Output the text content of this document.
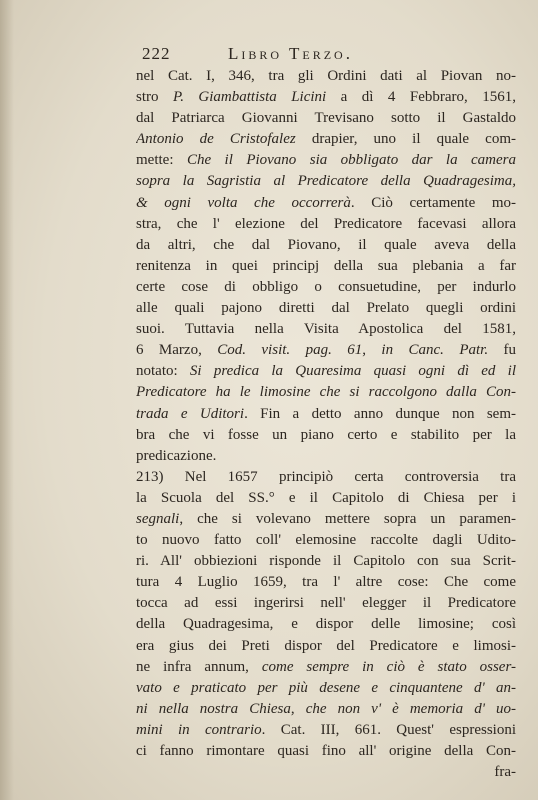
222	Libro Terzo.
nel Cat. I, 346, tra gli Ordini dati al Piovan no-
stro P. Giambattista Licini a dì 4 Febbraro, 1561,
dal Patriarca Giovanni Trevisano sotto il Gastaldo
Antonio de Cristofalez drapier, uno il quale com-
mette: Che il Piovano sia obbligato dar la camera
sopra la Sagristia al Predicatore della Quadragesima,
& ogni volta che occorrerà. Ciò certamente mo-
stra, che l' elezione del Predicatore facevasi allora
da altri, che dal Piovano, il quale aveva della
renitenza in quei principj della sua plebania a far
certe cose di obbligo o consuetudine, per indurlo
alle quali pajono diretti dal Prelato quegli ordini
suoi. Tuttavia nella Visita Apostolica del 1581,
6 Marzo, Cod. visit. pag. 61, in Canc. Patr. fu
notato: Si predica la Quaresima quasi ogni dì ed il
Predicatore ha le limosine che si raccolgono dalla Con-
trada e Uditori. Fin a detto anno dunque non sem-
bra che vi fosse un piano certo e stabilito per la
predicazione.
213) Nel 1657 principiò certa controversia tra
la Scuola del SS.° e il Capitolo di Chiesa per i
segnali, che si volevano mettere sopra un paramen-
to nuovo fatto coll' elemosine raccolte dagli Udito-
ri. All' obbiezioni risponde il Capitolo con sua Scrit-
tura 4 Luglio 1659, tra l' altre cose: Che come
tocca ad essi ingerirsi nell' elegger il Predicatore
della Quadragesima, e dispor delle limosine; così
era gius dei Preti dispor del Predicatore e limosi-
ne infra annum, come sempre in ciò è stato osser-
vato e praticato per più desene e cinquantene d' an-
ni nella nostra Chiesa, che non v' è memoria d' uo-
mini in contrario. Cat. III, 661. Quest' espressioni
ci fanno rimontare quasi fino all' origine della Con-
fra-
